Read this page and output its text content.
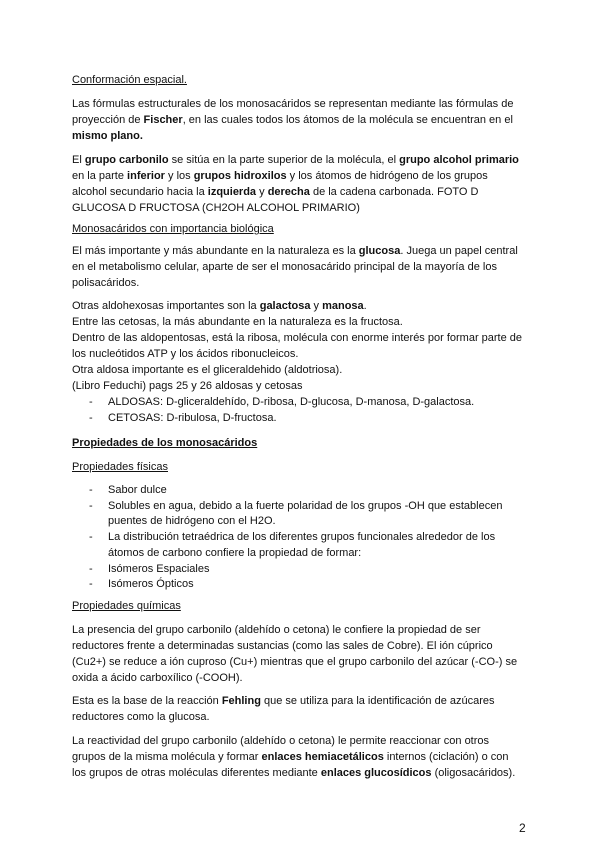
Conformación espacial.
Las fórmulas estructurales de los monosacáridos se representan mediante las fórmulas de
proyección de Fischer, en las cuales todos los átomos de la molécula se encuentran en el
mismo plano.
El grupo carbonilo se sitúa en la parte superior de la molécula, el grupo alcohol primario
en la parte inferior y los grupos hidroxilos y los átomos de hidrógeno de los grupos
alcohol secundario hacia la izquierda y derecha de la cadena carbonada. FOTO D
GLUCOSA D FRUCTOSA (CH2OH ALCOHOL PRIMARIO)
Monosacáridos con importancia biológica
El más importante y más abundante en la naturaleza es la glucosa. Juega un papel central
en el metabolismo celular, aparte de ser el monosacárido principal de la mayoría de los
polisacáridos.
Otras aldohexosas importantes son la galactosa y manosa.
Entre las cetosas, la más abundante en la naturaleza es la fructosa.
Dentro de las aldopentosas, está la ribosa, molécula con enorme interés por formar parte de
los nucleótidos ATP y los ácidos ribonucleicos.
Otra aldosa importante es el gliceraldehido (aldotriosa).
(Libro Feduchi) pags 25 y 26 aldosas y cetosas
- ALDOSAS: D-gliceraldehído, D-ribosa, D-glucosa, D-manosa, D-galactosa.
- CETOSAS: D-ribulosa, D-fructosa.
Propiedades de los monosacáridos
Propiedades físicas
- Sabor dulce
- Solubles en agua, debido a la fuerte polaridad de los grupos -OH que establecen
puentes de hidrógeno con el H2O.
- La distribución tetraédrica de los diferentes grupos funcionales alrededor de los
átomos de carbono confiere la propiedad de formar:
- Isómeros Espaciales
- Isómeros Ópticos
Propiedades químicas
La presencia del grupo carbonilo (aldehído o cetona) le confiere la propiedad de ser
reductores frente a determinadas sustancias (como las sales de Cobre). El ión cúprico
(Cu2+) se reduce a ión cuproso (Cu+) mientras que el grupo carbonilo del azúcar (-CO-) se
oxida a ácido carboxílico (-COOH).
Esta es la base de la reacción Fehling que se utiliza para la identificación de azúcares
reductores como la glucosa.
La reactividad del grupo carbonilo (aldehído o cetona) le permite reaccionar con otros
grupos de la misma molécula y formar enlaces hemiacetálicos internos (ciclación) o con
los grupos de otras moléculas diferentes mediante enlaces glucosídicos (oligosacáridos).
2
